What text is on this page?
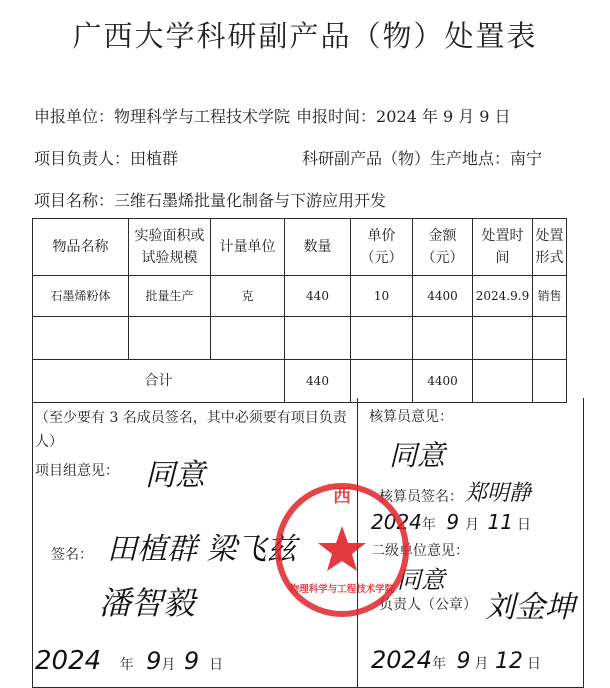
广西大学科研副产品（物）处置表
申报单位：物理科学与工程技术学院 申报时间：2024 年 9 月 9 日
项目负责人：田植群	科研副产品（物）生产地点：南宁
项目名称：三维石墨烯批量化制备与下游应用开发
物品名称	实验面积或试验规模	计量单位	数量	单价（元）	金额（元）	处置时间	处置形式
石墨烯粉体	批量生产	克	440	10	4400	2024.9.9	销售

合计			440		4400		
（至少要有 3 名成员签名，其中必须要有项目负责人）
项目组意见： 同意
签名： 田植群 梁飞兹
潘智毅
2024 年 9月 9 日
核算员意见：
同意
核算员签名： 郑明静
2024年 9 月 11 日
二级单位意见：
同意
负责人（公章） 刘金坤
2024年 9 月 12 日
西
物理科学与工程技术学院
